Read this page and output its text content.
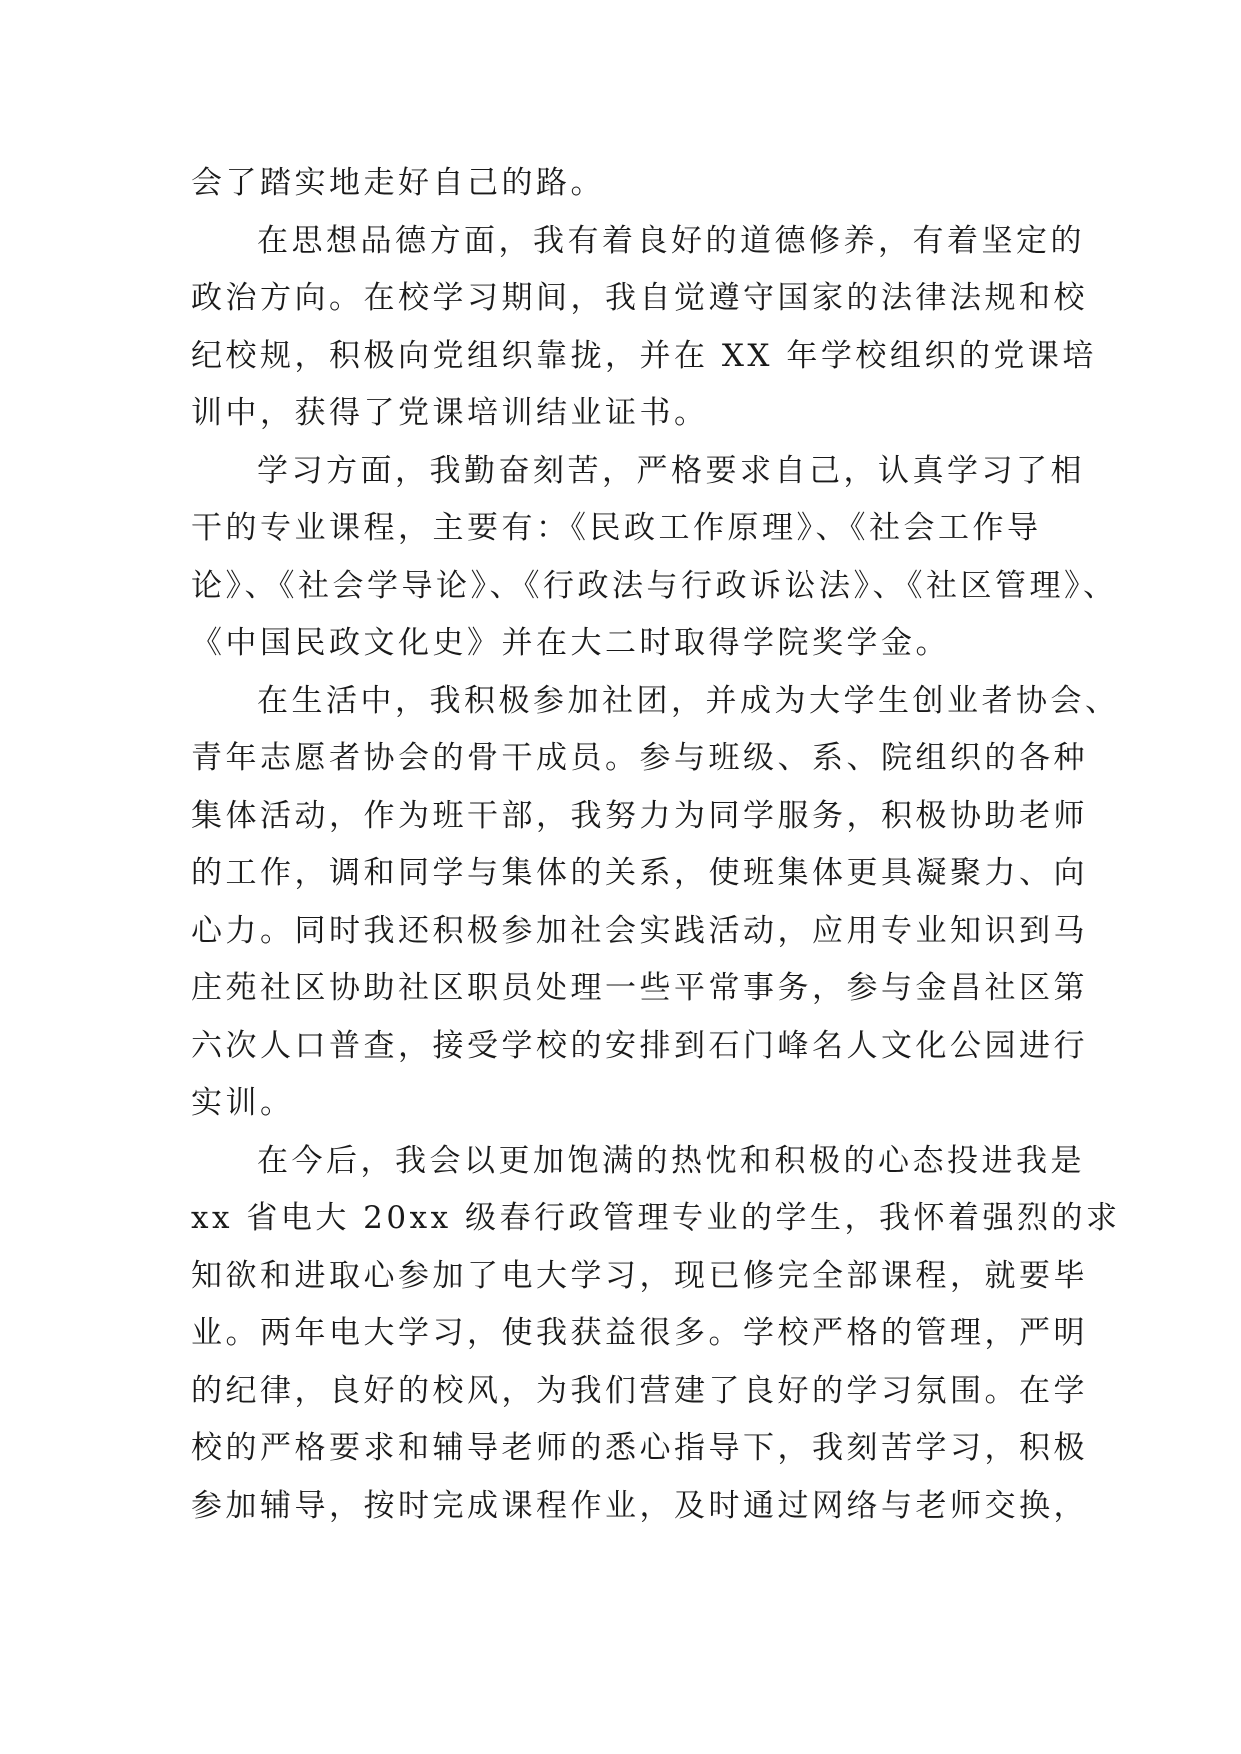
会了踏实地走好自己的路。
在思想品德方面，我有着良好的道德修养，有着坚定的
政治方向。在校学习期间，我自觉遵守国家的法律法规和校
纪校规，积极向党组织靠拢，并在 XX 年学校组织的党课培
训中，获得了党课培训结业证书。
学习方面，我勤奋刻苦，严格要求自己，认真学习了相
干的专业课程，主要有：《民政工作原理》、《社会工作导
论》、《社会学导论》、《行政法与行政诉讼法》、《社区管理》、
《中国民政文化史》并在大二时取得学院奖学金。
在生活中，我积极参加社团，并成为大学生创业者协会、
青年志愿者协会的骨干成员。参与班级、系、院组织的各种
集体活动，作为班干部，我努力为同学服务，积极协助老师
的工作，调和同学与集体的关系，使班集体更具凝聚力、向
心力。同时我还积极参加社会实践活动，应用专业知识到马
庄苑社区协助社区职员处理一些平常事务，参与金昌社区第
六次人口普查，接受学校的安排到石门峰名人文化公园进行
实训。
在今后，我会以更加饱满的热忱和积极的心态投进我是
xx 省电大 20xx 级春行政管理专业的学生，我怀着强烈的求
知欲和进取心参加了电大学习，现已修完全部课程，就要毕
业。两年电大学习，使我获益很多。学校严格的管理，严明
的纪律，良好的校风，为我们营建了良好的学习氛围。在学
校的严格要求和辅导老师的悉心指导下，我刻苦学习，积极
参加辅导，按时完成课程作业，及时通过网络与老师交换，
